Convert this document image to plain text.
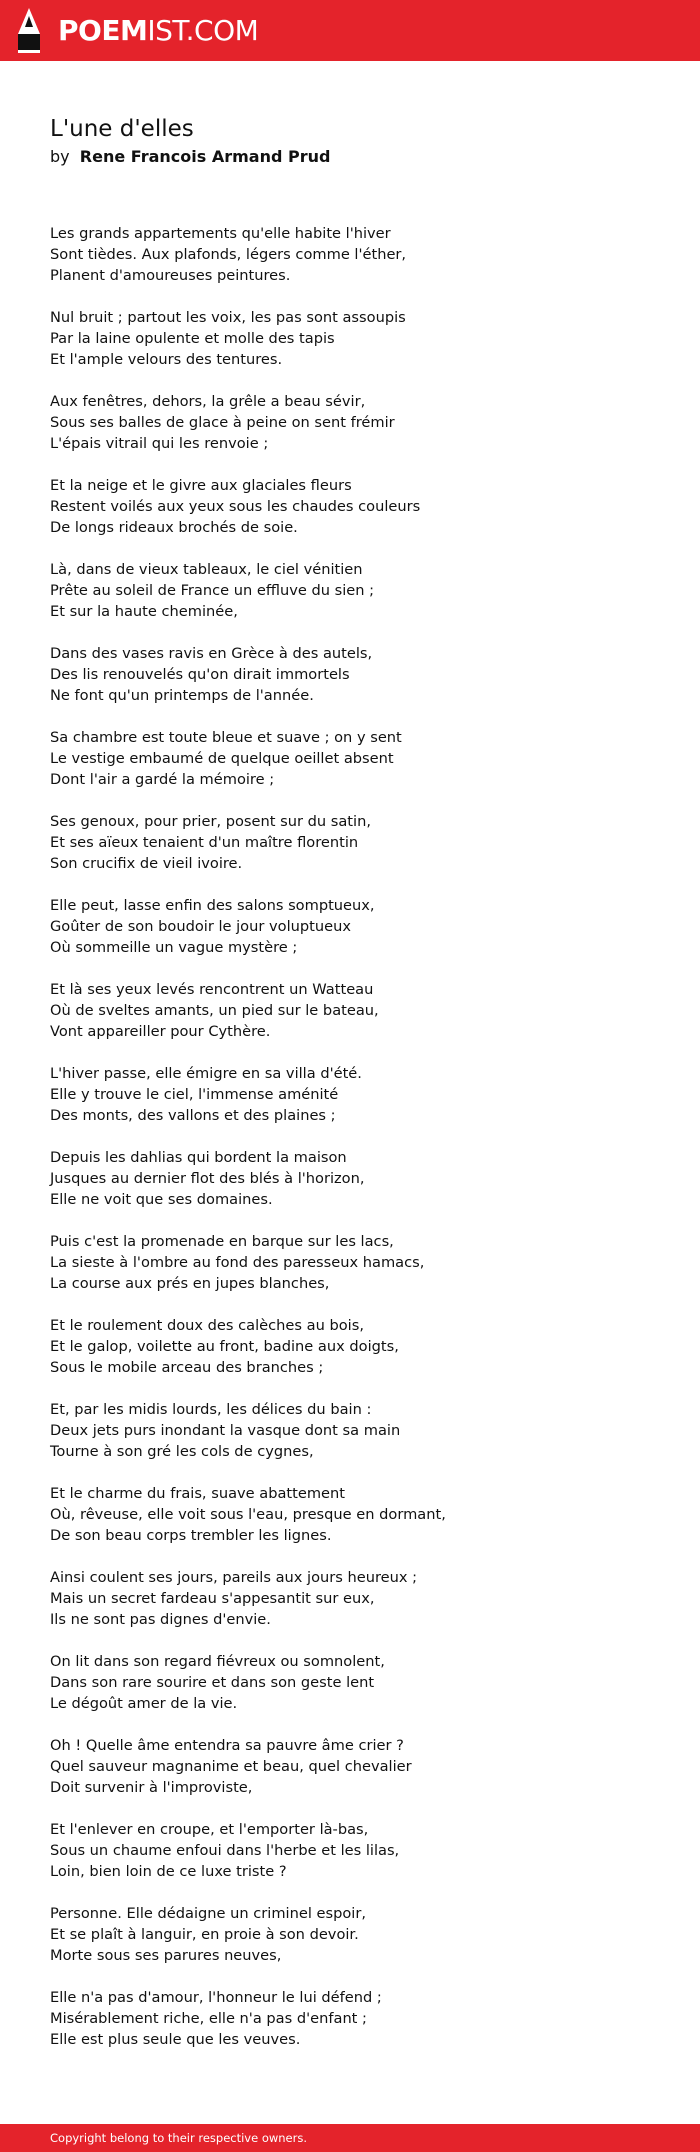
POEMIST.COM
L'une d'elles
by Rene Francois Armand Prud
Les grands appartements qu'elle habite l'hiver
Sont tièdes. Aux plafonds, légers comme l'éther,
Planent d'amoureuses peintures.
Nul bruit ; partout les voix, les pas sont assoupis
Par la laine opulente et molle des tapis
Et l'ample velours des tentures.
Aux fenêtres, dehors, la grêle a beau sévir,
Sous ses balles de glace à peine on sent frémir
L'épais vitrail qui les renvoie ;
Et la neige et le givre aux glaciales fleurs
Restent voilés aux yeux sous les chaudes couleurs
De longs rideaux brochés de soie.
Là, dans de vieux tableaux, le ciel vénitien
Prête au soleil de France un effluve du sien ;
Et sur la haute cheminée,
Dans des vases ravis en Grèce à des autels,
Des lis renouvelés qu'on dirait immortels
Ne font qu'un printemps de l'année.
Sa chambre est toute bleue et suave ; on y sent
Le vestige embaumé de quelque oeillet absent
Dont l'air a gardé la mémoire ;
Ses genoux, pour prier, posent sur du satin,
Et ses aïeux tenaient d'un maître florentin
Son crucifix de vieil ivoire.
Elle peut, lasse enfin des salons somptueux,
Goûter de son boudoir le jour voluptueux
Où sommeille un vague mystère ;
Et là ses yeux levés rencontrent un Watteau
Où de sveltes amants, un pied sur le bateau,
Vont appareiller pour Cythère.
L'hiver passe, elle émigre en sa villa d'été.
Elle y trouve le ciel, l'immense aménité
Des monts, des vallons et des plaines ;
Depuis les dahlias qui bordent la maison
Jusques au dernier flot des blés à l'horizon,
Elle ne voit que ses domaines.
Puis c'est la promenade en barque sur les lacs,
La sieste à l'ombre au fond des paresseux hamacs,
La course aux prés en jupes blanches,
Et le roulement doux des calèches au bois,
Et le galop, voilette au front, badine aux doigts,
Sous le mobile arceau des branches ;
Et, par les midis lourds, les délices du bain :
Deux jets purs inondant la vasque dont sa main
Tourne à son gré les cols de cygnes,
Et le charme du frais, suave abattement
Où, rêveuse, elle voit sous l'eau, presque en dormant,
De son beau corps trembler les lignes.
Ainsi coulent ses jours, pareils aux jours heureux ;
Mais un secret fardeau s'appesantit sur eux,
Ils ne sont pas dignes d'envie.
On lit dans son regard fiévreux ou somnolent,
Dans son rare sourire et dans son geste lent
Le dégoût amer de la vie.
Oh ! Quelle âme entendra sa pauvre âme crier ?
Quel sauveur magnanime et beau, quel chevalier
Doit survenir à l'improviste,
Et l'enlever en croupe, et l'emporter là-bas,
Sous un chaume enfoui dans l'herbe et les lilas,
Loin, bien loin de ce luxe triste ?
Personne. Elle dédaigne un criminel espoir,
Et se plaît à languir, en proie à son devoir.
Morte sous ses parures neuves,
Elle n'a pas d'amour, l'honneur le lui défend ;
Misérablement riche, elle n'a pas d'enfant ;
Elle est plus seule que les veuves.
Copyright belong to their respective owners.
